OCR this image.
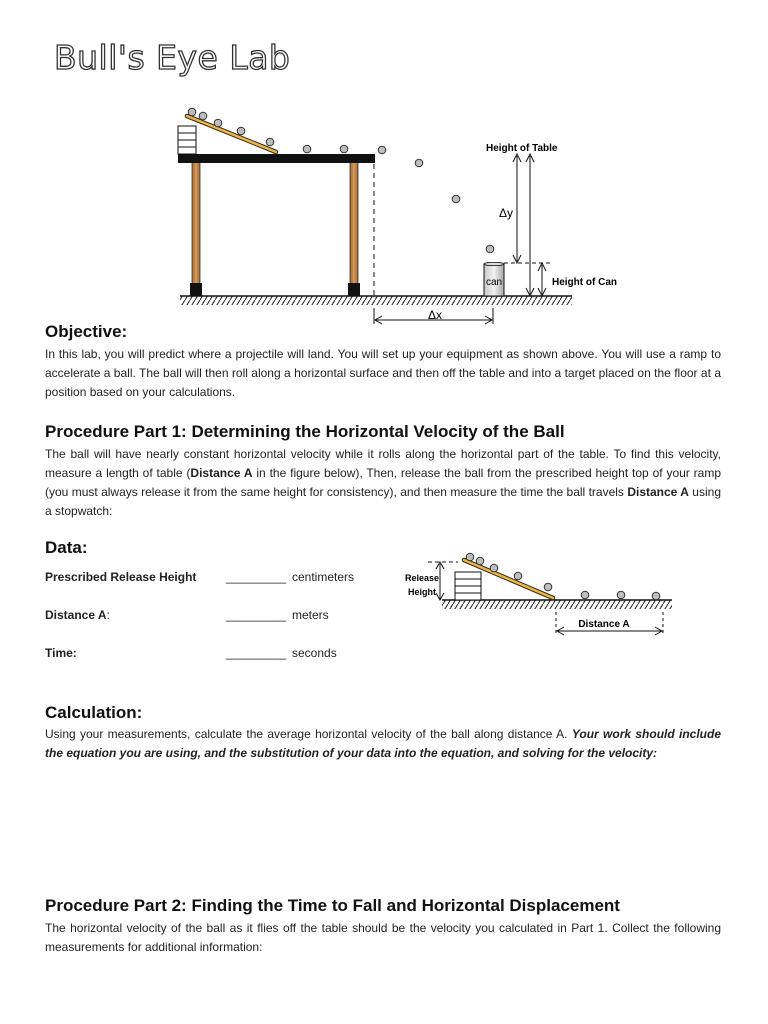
Bull's Eye Lab
can
Δy
Height of Table
Height of Can
Δx
Objective:

In this lab, you will predict where a projectile will land. You will set up your equipment as shown above. You will use a ramp to accelerate a ball. The ball will then roll along a horizontal surface and then off the table and into a target placed on the floor at a position based on your calculations.

Procedure Part 1: Determining the Horizontal Velocity of the Ball

The ball will have nearly constant horizontal velocity while it rolls along the horizontal part of the table. To find this velocity, measure a length of table (Distance A in the figure below), Then, release the ball from the prescribed height top of your ramp (you must always release it from the same height for consistency), and then measure the time the ball travels Distance A using a stopwatch:

Data:
Prescribed Release Height _________ centimeters
Distance A:	_________ meters
Time:	_________ seconds
Release
Height
Distance A
Calculation:

Using your measurements, calculate the average horizontal velocity of the ball along distance A. Your work should include the equation you are using, and the substitution of your data into the equation, and solving for the velocity:

Procedure Part 2: Finding the Time to Fall and Horizontal Displacement

The horizontal velocity of the ball as it flies off the table should be the velocity you calculated in Part 1. Collect the following measurements for additional information:
